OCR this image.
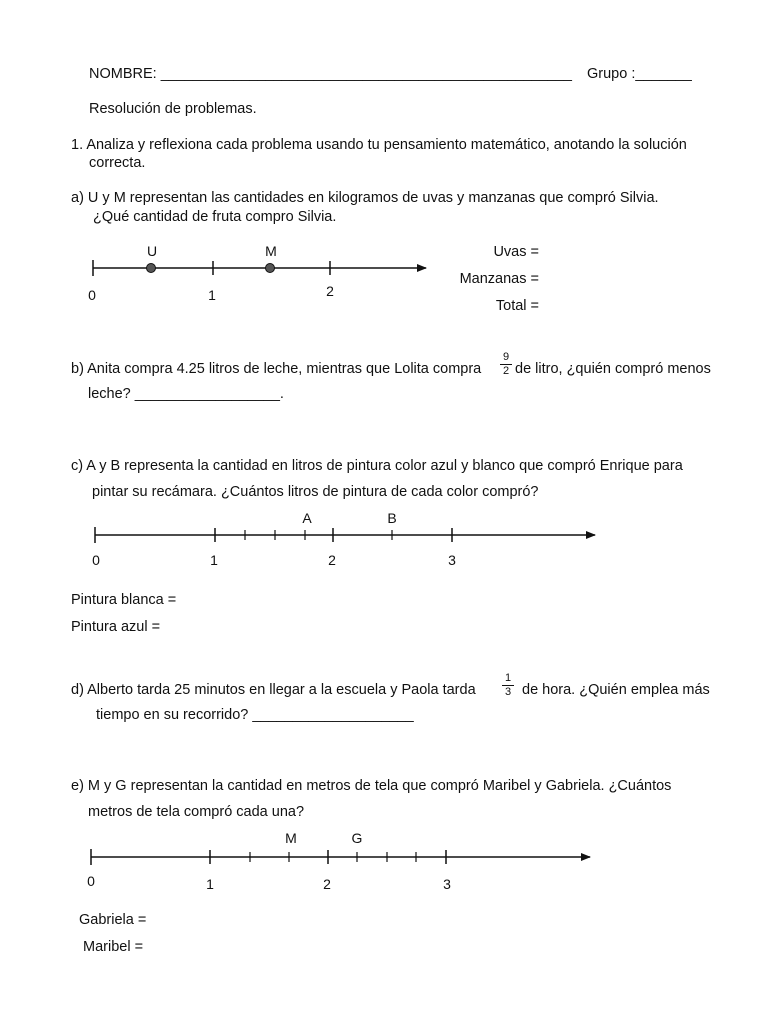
NOMBRE: ___________________________________________________ Grupo :_______
Resolución de problemas.
1. Analiza y reflexiona cada problema usando tu pensamiento matemático, anotando la solución
correcta.
a) U y M representan las cantidades en kilogramos de uvas y manzanas que compró Silvia.
¿Qué cantidad de fruta compro Silvia.
U	M
0	1	2
A	B
0	1	2	3
M	G
0	1	2	3
Uvas =
Manzanas =
Total =
b) Anita compra 4.25 litros de leche, mientras que Lolita compra
9
2 de litro, ¿quién compró menos
leche? __________________.
c) A y B representa la cantidad en litros de pintura color azul y blanco que compró Enrique para
pintar su recámara. ¿Cuántos litros de pintura de cada color compró?
Pintura blanca =
Pintura azul =
d) Alberto tarda 25 minutos en llegar a la escuela y Paola tarda
1
3 de hora. ¿Quién emplea más
tiempo en su recorrido? ____________________
e) M y G representan la cantidad en metros de tela que compró Maribel y Gabriela. ¿Cuántos
metros de tela compró cada una?
Gabriela =
Maribel =
